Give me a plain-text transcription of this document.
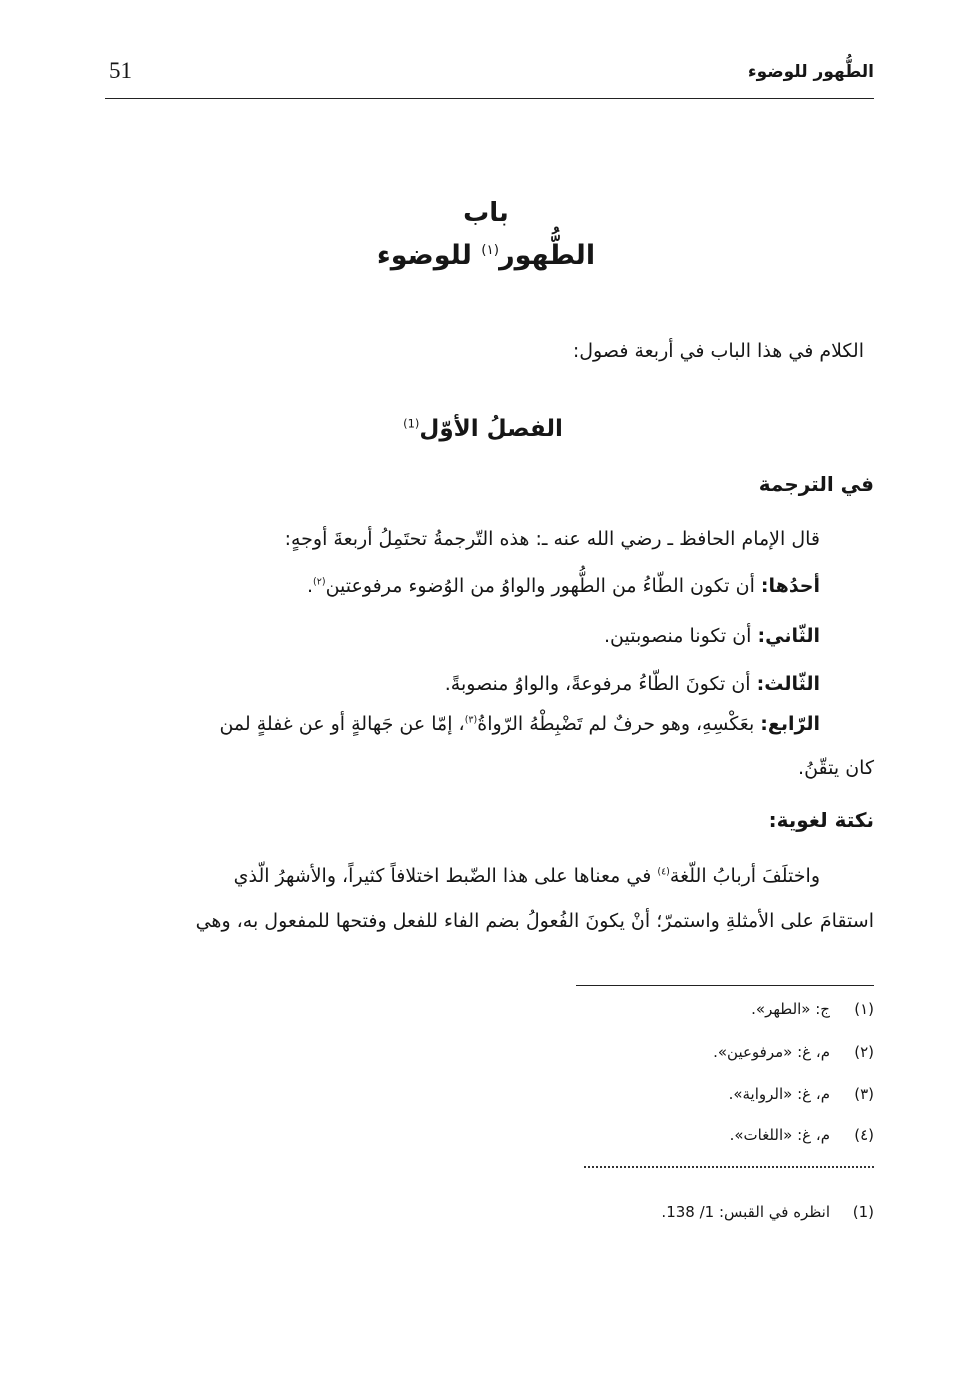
51	الطُّهور للوضوء
باب
الطُّهور$^{(١)}$ للوضوء
الكلام في هذا الباب في أربعة فصول:
الفصلُ الأوّل$^{(1)}$
في الترجمة
قال الإمام الحافظ ـ رضي الله عنه ـ: هذه التّرجمةُ تحتَمِلُ أربعةَ أوجهٍ:
أحدُها: أن تكون الطّاءُ من الطُّهور والواوُ من الوُضوء مرفوعتين$^{(٢)}$.
الثّاني: أن تكونا منصوبتين.
الثّالث: أن تكونَ الطّاءُ مرفوعةً، والواوُ منصوبةً.
الرّابع: بعَكْسِهِ، وهو حرفٌ لم تَضْبِطْهُ الرّواةُ$^{(٣)}$، إمّا عن جَهالةٍ أو عن غفلةٍ لمن
كان يتقّنُ.
نكتة لغوية:
واختلَفَ أربابُ اللّغة$^{(٤)}$ في معناها على هذا الضّبط اختلافاً كثيراً، والأشهرُ الّذي
استقامَ على الأمثلةِ واستمرّ؛ أنْ يكونَ الفُعولُ بضم الفاء للفعل وفتحها للمفعول به، وهي
(١)ج: «الطهر».
(٢)م، غ: «مرفوعين».
(٣)م، غ: «الرواية».
(٤)م، غ: «اللغات».
(1)انظره في القبس: 1/ 138.
